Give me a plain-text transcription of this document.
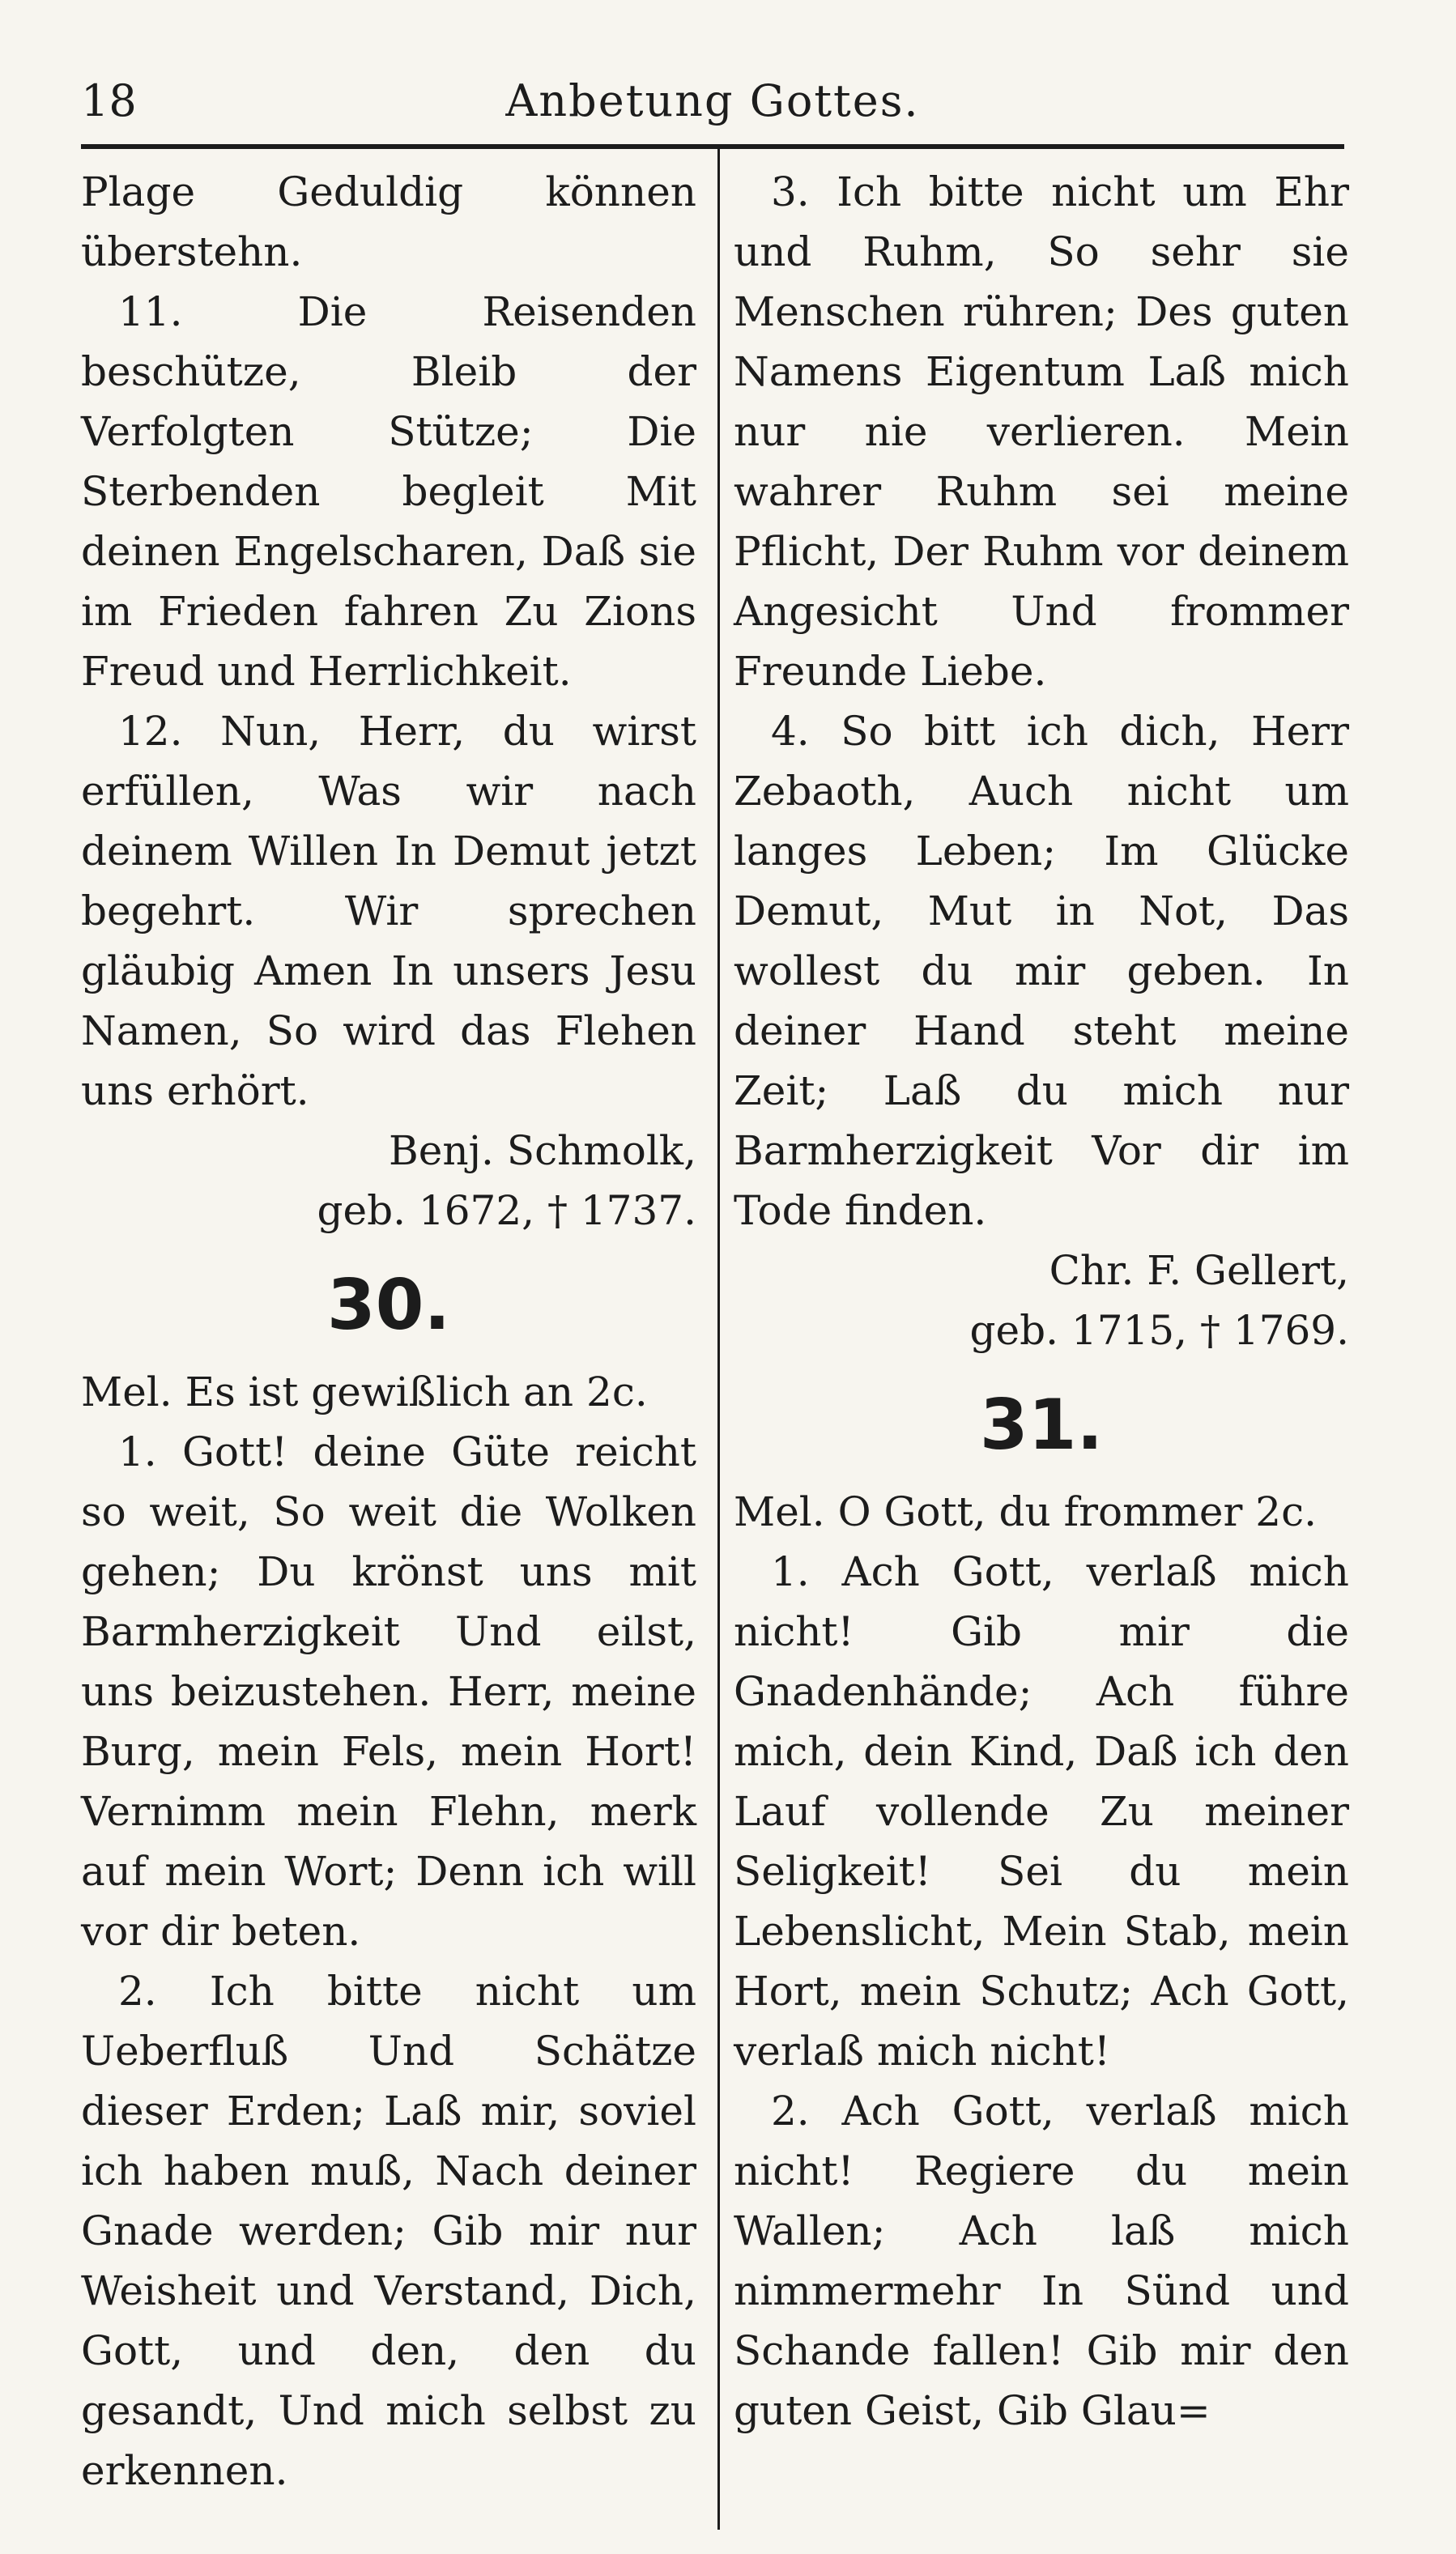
18	Anbetung Gottes.

Plage Geduldig können überstehn.

11. Die Reisenden beschütze, Bleib der Verfolgten Stütze; Die Sterbenden begleit Mit deinen Engelscharen, Daß sie im Frieden fahren Zu Zions Freud und Herrlichkeit.

12. Nun, Herr, du wirst erfüllen, Was wir nach deinem Willen In Demut jetzt begehrt. Wir sprechen gläubig Amen In unsers Jesu Namen, So wird das Flehen uns erhört.

Benj. Schmolk,

geb. 1672, † 1737.

30.

Mel. Es ist gewißlich an 2c.

1. Gott! deine Güte reicht so weit, So weit die Wolken gehen; Du krönst uns mit Barmherzigkeit Und eilst, uns beizustehen. Herr, meine Burg, mein Fels, mein Hort! Vernimm mein Flehn, merk auf mein Wort; Denn ich will vor dir beten.

2. Ich bitte nicht um Ueberfluß Und Schätze dieser Erden; Laß mir, soviel ich haben muß, Nach deiner Gnade werden; Gib mir nur Weisheit und Verstand, Dich, Gott, und den, den du gesandt, Und mich selbst zu erkennen.

3. Ich bitte nicht um Ehr und Ruhm, So sehr sie Menschen rühren; Des guten Namens Eigentum Laß mich nur nie verlieren. Mein wahrer Ruhm sei meine Pflicht, Der Ruhm vor deinem Angesicht Und frommer Freunde Liebe.

4. So bitt ich dich, Herr Zebaoth, Auch nicht um langes Leben; Im Glücke Demut, Mut in Not, Das wollest du mir geben. In deiner Hand steht meine Zeit; Laß du mich nur Barmherzigkeit Vor dir im Tode finden.

Chr. F. Gellert,

geb. 1715, † 1769.

31.

Mel. O Gott, du frommer 2c.

1. Ach Gott, verlaß mich nicht! Gib mir die Gnadenhände; Ach führe mich, dein Kind, Daß ich den Lauf vollende Zu meiner Seligkeit! Sei du mein Lebenslicht, Mein Stab, mein Hort, mein Schutz; Ach Gott, verlaß mich nicht!

2. Ach Gott, verlaß mich nicht! Regiere du mein Wallen; Ach laß mich nimmermehr In Sünd und Schande fallen! Gib mir den guten Geist, Gib Glau=
